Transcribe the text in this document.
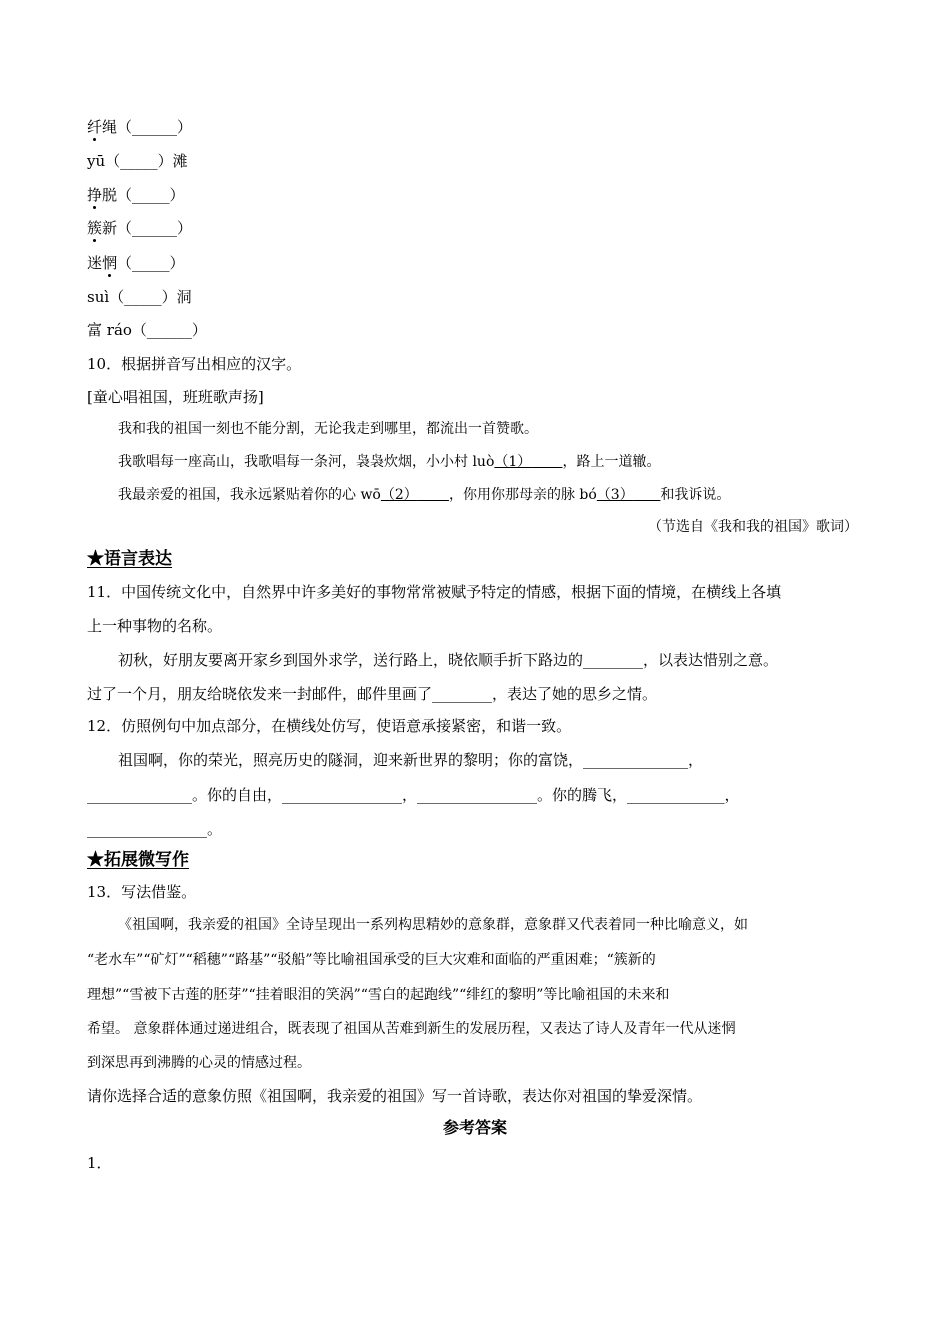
纤绳（______）
yū（_____）滩
挣脱（_____）
簇新（______）
迷惘（_____）
suì（_____）洞
富 ráo（______）
10．根据拼音写出相应的汉字。
[童心唱祖国，班班歌声扬]
我和我的祖国一刻也不能分割，无论我走到哪里，都流出一首赞歌。
我歌唱每一座高山，我歌唱每一条河，袅袅炊烟，小小村 luò（1） ，路上一道辙。
我最亲爱的祖国，我永远紧贴着你的心 wō（2） ，你用你那母亲的脉 bó（3） 和我诉说。
（节选自《我和我的祖国》歌词）
★语言表达
11．中国传统文化中，自然界中许多美好的事物常常被赋予特定的情感，根据下面的情境，在横线上各填
上一种事物的名称。
初秋，好朋友要离开家乡到国外求学，送行路上，晓依顺手折下路边的________，以表达惜别之意。
过了一个月，朋友给晓依发来一封邮件，邮件里画了________，表达了她的思乡之情。
12．仿照例句中加点部分，在横线处仿写，使语意承接紧密，和谐一致。
祖国啊，你的荣光，照亮历史的隧洞，迎来新世界的黎明；你的富饶，______________，
______________。你的自由，________________，________________。你的腾飞，_____________，
________________。
★拓展微写作
13．写法借鉴。
《祖国啊，我亲爱的祖国》全诗呈现出一系列构思精妙的意象群，意象群又代表着同一种比喻意义，如
“老水车”“矿灯”“稻穗”“路基”“驳船”等比喻祖国承受的巨大灾难和面临的严重困难；“簇新的
理想”“雪被下古莲的胚芽”“挂着眼泪的笑涡”“雪白的起跑线”“绯红的黎明”等比喻祖国的未来和
希望。 意象群体通过递进组合，既表现了祖国从苦难到新生的发展历程，又表达了诗人及青年一代从迷惘
到深思再到沸腾的心灵的情感过程。
请你选择合适的意象仿照《祖国啊，我亲爱的祖国》写一首诗歌，表达你对祖国的挚爱深情。
参考答案
1．
